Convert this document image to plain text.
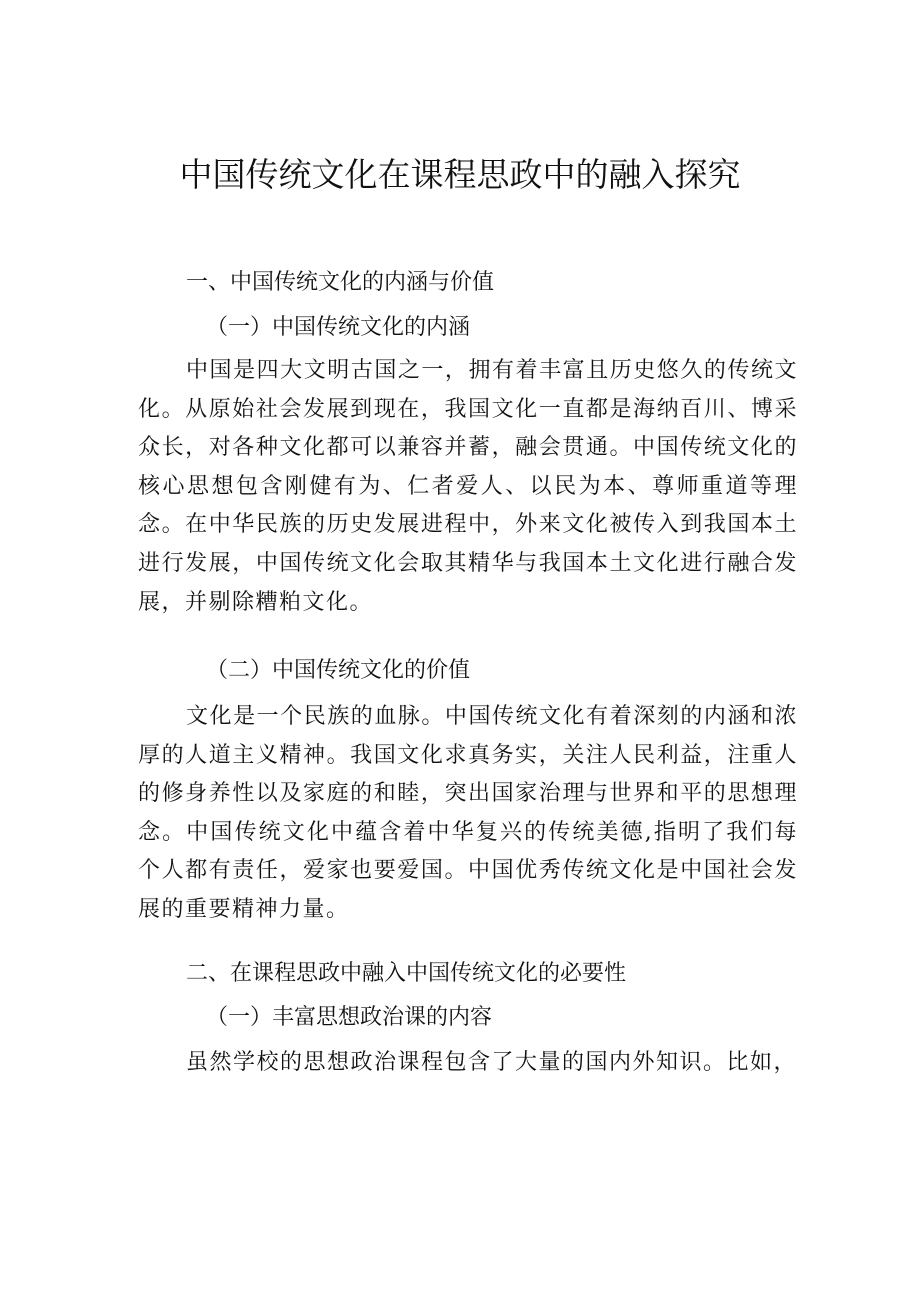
中国传统文化在课程思政中的融入探究
一、中国传统文化的内涵与价值
（一）中国传统文化的内涵

中国是四大文明古国之一，拥有着丰富且历史悠久的传统文化。从原始社会发展到现在，我国文化一直都是海纳百川、博采众长，对各种文化都可以兼容并蓄，融会贯通。中国传统文化的核心思想包含刚健有为、仁者爱人、以民为本、尊师重道等理念。在中华民族的历史发展进程中，外来文化被传入到我国本土进行发展，中国传统文化会取其精华与我国本土文化进行融合发展，并剔除糟粕文化。

（二）中国传统文化的价值

文化是一个民族的血脉。中国传统文化有着深刻的内涵和浓厚的人道主义精神。我国文化求真务实，关注人民利益，注重人的修身养性以及家庭的和睦，突出国家治理与世界和平的思想理念。中国传统文化中蕴含着中华复兴的传统美德,指明了我们每个人都有责任，爱家也要爱国。中国优秀传统文化是中国社会发展的重要精神力量。

二、在课程思政中融入中国传统文化的必要性
（一）丰富思想政治课的内容

虽然学校的思想政治课程包含了大量的国内外知识。比如，
